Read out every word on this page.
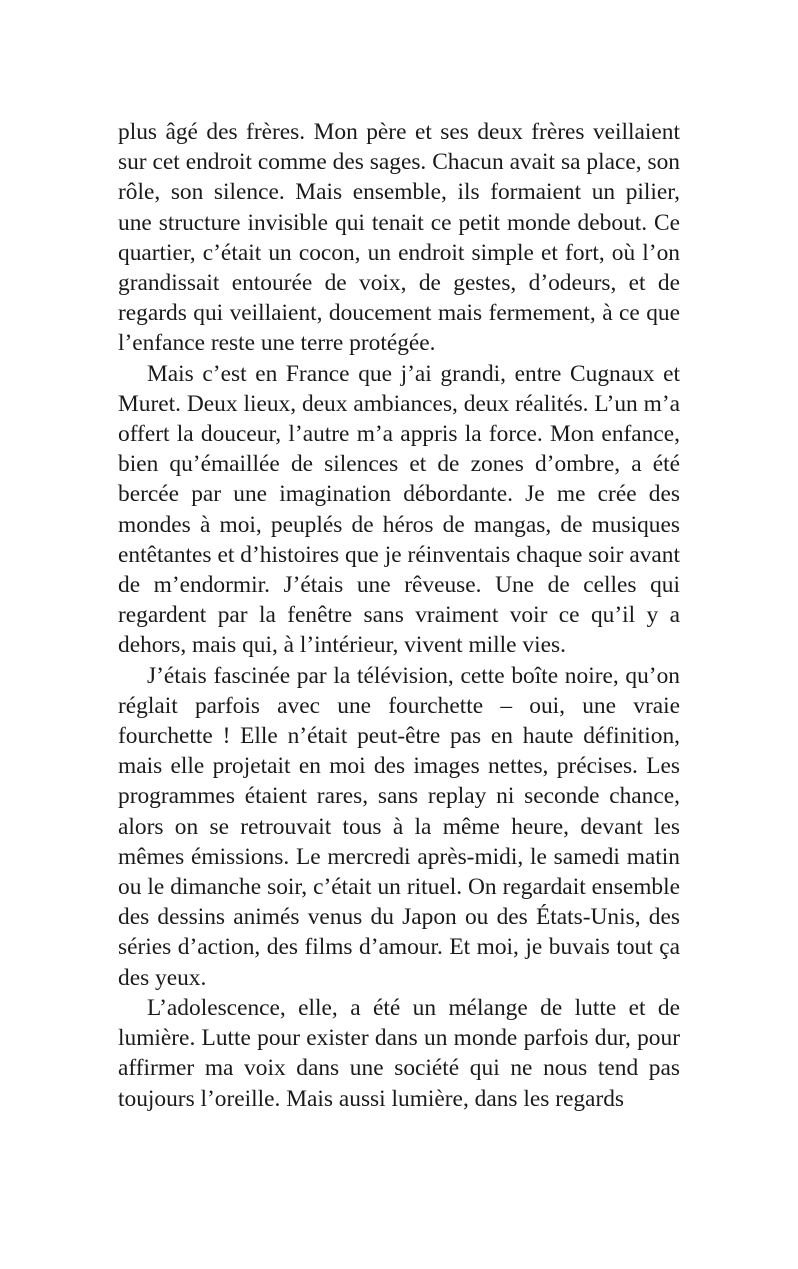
plus âgé des frères. Mon père et ses deux frères veillaient sur cet endroit comme des sages. Chacun avait sa place, son rôle, son silence. Mais ensemble, ils formaient un pilier, une structure invisible qui tenait ce petit monde debout. Ce quartier, c’était un cocon, un endroit simple et fort, où l’on grandissait entourée de voix, de gestes, d’odeurs, et de regards qui veillaient, doucement mais fermement, à ce que l’enfance reste une terre protégée.

Mais c’est en France que j’ai grandi, entre Cugnaux et Muret. Deux lieux, deux ambiances, deux réalités. L’un m’a offert la douceur, l’autre m’a appris la force. Mon enfance, bien qu’émaillée de silences et de zones d’ombre, a été bercée par une imagination débordante. Je me crée des mondes à moi, peuplés de héros de mangas, de musiques entêtantes et d’histoires que je réinventais chaque soir avant de m’endormir. J’étais une rêveuse. Une de celles qui regardent par la fenêtre sans vraiment voir ce qu’il y a dehors, mais qui, à l’intérieur, vivent mille vies.

J’étais fascinée par la télévision, cette boîte noire, qu’on réglait parfois avec une fourchette – oui, une vraie fourchette ! Elle n’était peut-être pas en haute définition, mais elle projetait en moi des images nettes, précises. Les programmes étaient rares, sans replay ni seconde chance, alors on se retrouvait tous à la même heure, devant les mêmes émissions. Le mercredi après-midi, le samedi matin ou le dimanche soir, c’était un rituel. On regardait ensemble des dessins animés venus du Japon ou des États-Unis, des séries d’action, des films d’amour. Et moi, je buvais tout ça des yeux.

L’adolescence, elle, a été un mélange de lutte et de lumière. Lutte pour exister dans un monde parfois dur, pour affirmer ma voix dans une société qui ne nous tend pas toujours l’oreille. Mais aussi lumière, dans les regards
